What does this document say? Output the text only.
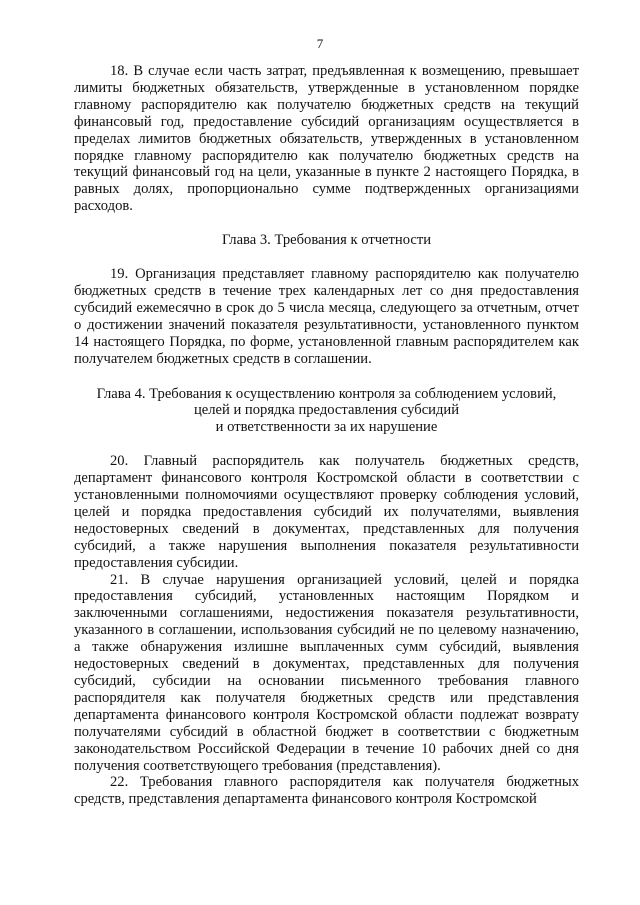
7

18. В случае если часть затрат, предъявленная к возмещению, превышает лимиты бюджетных обязательств, утвержденные в установленном порядке главному распорядителю как получателю бюджетных средств на текущий финансовый год, предоставление субсидий организациям осуществляется в пределах лимитов бюджетных обязательств, утвержденных в установленном порядке главному распорядителю как получателю бюджетных средств на текущий финансовый год на цели, указанные в пункте 2 настоящего Порядка, в равных долях, пропорционально сумме подтвержденных организациями расходов.

Глава 3. Требования к отчетности

19. Организация представляет главному распорядителю как получателю бюджетных средств в течение трех календарных лет со дня предоставления субсидий ежемесячно в срок до 5 числа месяца, следующего за отчетным, отчет о достижении значений показателя результативности, установленного пунктом 14 настоящего Порядка, по форме, установленной главным распорядителем как получателем бюджетных средств в соглашении.

Глава 4. Требования к осуществлению контроля за соблюдением условий,
целей и порядка предоставления субсидий
и ответственности за их нарушение

20. Главный распорядитель как получатель бюджетных средств, департамент финансового контроля Костромской области в соответствии с установленными полномочиями осуществляют проверку соблюдения условий, целей и порядка предоставления субсидий их получателями, выявления недостоверных сведений в документах, представленных для получения субсидий, а также нарушения выполнения показателя результативности предоставления субсидии.

21. В случае нарушения организацией условий, целей и порядка предоставления субсидий, установленных настоящим Порядком и заключенными соглашениями, недостижения показателя результативности, указанного в соглашении, использования субсидий не по целевому назначению, а также обнаружения излишне выплаченных сумм субсидий, выявления недостоверных сведений в документах, представленных для получения субсидий, субсидии на основании письменного требования главного распорядителя как получателя бюджетных средств или представления департамента финансового контроля Костромской области подлежат возврату получателями субсидий в областной бюджет в соответствии с бюджетным законодательством Российской Федерации в течение 10 рабочих дней со дня получения соответствующего требования (представления).

22. Требования главного распорядителя как получателя бюджетных средств, представления департамента финансового контроля Костромской
